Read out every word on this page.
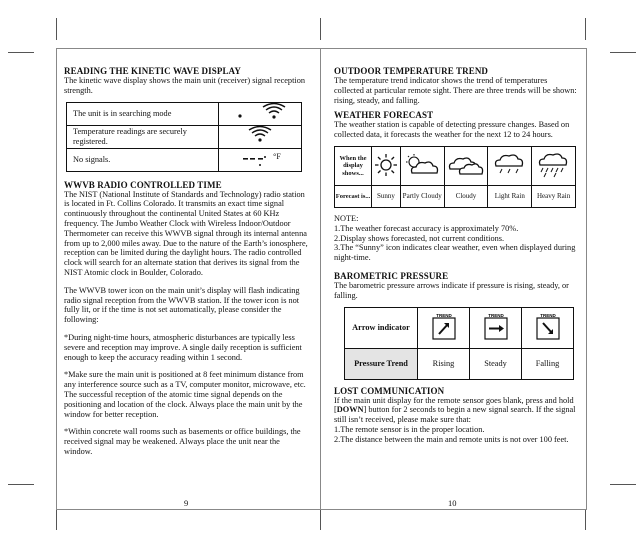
READING THE KINETIC WAVE DISPLAY

The kinetic wave display shows the main unit (receiver) signal reception strength.

The unit is in searching mode	
Temperature readings are securely registered.	
No signals.	°F
WWVB RADIO CONTROLLED TIME

The NIST (National Institute of Standards and Technology) radio station is located in Ft. Collins Colorado. It transmits an exact time signal continuously throughout the continental United States at 60 KHz frequency. The Jumbo Weather Clock with Wireless Indoor/Outdoor Thermometer can receive this WWVB signal through its internal antenna from up to 2,000 miles away. Due to the nature of the Earth’s ionosphere, reception can be limited during the daylight hours. The radio controlled clock will search for an alternate station that derives its signal from the NIST Atomic clock in Boulder, Colorado.

The WWVB tower icon on the main unit’s display will flash indicating radio signal reception from the WWVB station. If the tower icon is not fully lit, or if the time is not set automatically, please consider the following:

*During night-time hours, atmospheric disturbances are typically less severe and reception may improve. A single daily reception is sufficient enough to keep the accuracy reading within 1 second.

*Make sure the main unit is positioned at 8 feet minimum distance from any interference source such as a TV, computer monitor, microwave, etc. The successful reception of the atomic time signal depends on the positioning and location of the clock. Always place the main unit by the window for better reception.

*Within concrete wall rooms such as basements or office buildings, the received signal may be weakened. Always place the unit near the window.

9
OUTDOOR TEMPERATURE TREND

The temperature trend indicator shows the trend of temperatures collected at particular remote sight. There are three trends will be shown: rising, steady, and falling.

WEATHER FORECAST

The weather station is capable of detecting pressure changes. Based on collected data, it forecasts the weather for the next 12 to 24 hours.

When the display shows...					
Forecast is...	Sunny	Partly Cloudy	Cloudy	Light Rain	Heavy Rain

NOTE:

1.The weather forecast accuracy is approximately 70%.

2.Display shows forecasted, not current conditions.

3.The “Sunny” icon indicates clear weather, even when displayed during night-time.

BAROMETRIC PRESSURE

The barometric pressure arrows indicate if pressure is rising, steady, or falling.

Arrow indicator	TREND	TREND	TREND

Pressure Trend	Rising	Steady	Falling
LOST COMMUNICATION

If the main unit display for the remote sensor goes blank, press and hold [DOWN] button for 2 seconds to begin a new signal search. If the signal still isn’t received, please make sure that:

1.The remote sensor is in the proper location.

2.The distance between the main and remote units is not over 100 feet.

10
